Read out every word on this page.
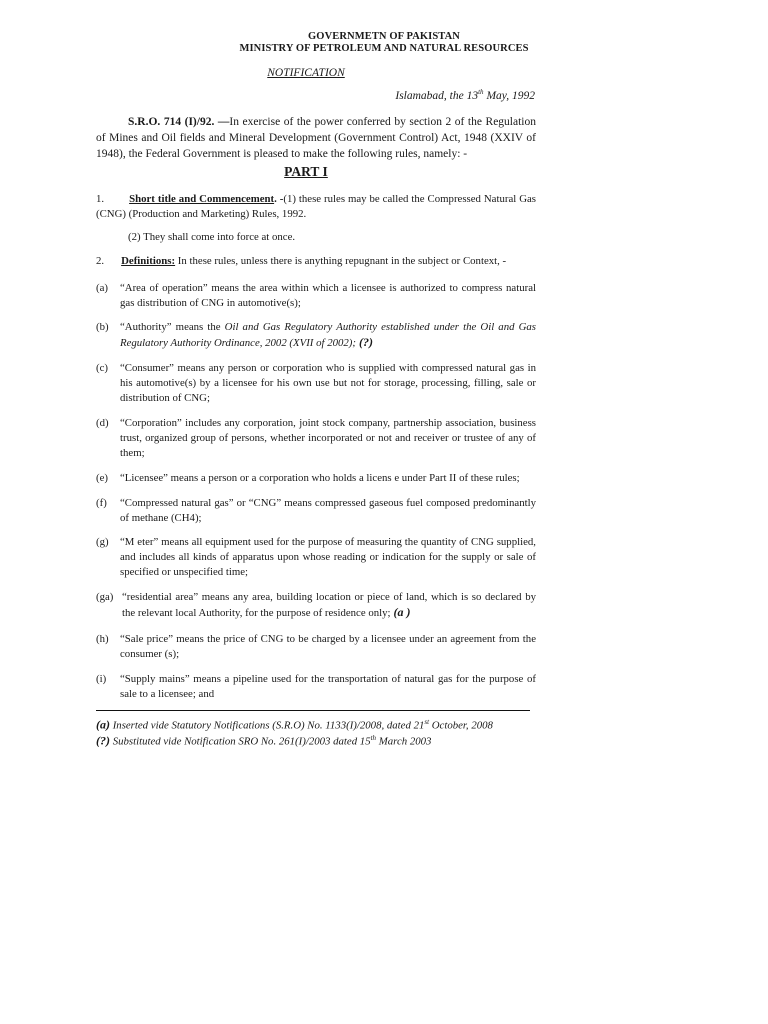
GOVERNMETN OF PAKISTAN
MINISTRY OF PETROLEUM AND NATURAL RESOURCES
NOTIFICATION
Islamabad, the 13th May, 1992
S.R.O. 714 (I)/92. —In exercise of the power conferred by section 2 of the Regulation of Mines and Oil fields and Mineral Development (Government Control) Act, 1948 (XXIV of 1948), the Federal Government is pleased to make the following rules, namely: -
PART I
1. Short title and Commencement. -(1) these rules may be called the Compressed Natural Gas (CNG) (Production and Marketing) Rules, 1992.
(2) They shall come into force at once.
2. Definitions: In these rules, unless there is anything repugnant in the subject or Context, -
(a) “Area of operation” means the area within which a licensee is authorized to compress natural gas distribution of CNG in automotive(s);
(b) “Authority” means the Oil and Gas Regulatory Authority established under the Oil and Gas Regulatory Authority Ordinance, 2002 (XVII of 2002); (?)
(c) “Consumer” means any person or corporation who is supplied with compressed natural gas in his automotive(s) by a licensee for his own use but not for storage, processing, filling, sale or distribution of CNG;
(d) “Corporation” includes any corporation, joint stock company, partnership association, business trust, organized group of persons, whether incorporated or not and receiver or trustee of any of them;
(e) “Licensee” means a person or a corporation who holds a licens e under Part II of these rules;
(f) “Compressed natural gas” or “CNG” means compressed gaseous fuel composed predominantly of methane (CH4);
(g) “M eter” means all equipment used for the purpose of measuring the quantity of CNG supplied, and includes all kinds of apparatus upon whose reading or indication for the supply or sale of specified or unspecified time;
(ga) “residential area” means any area, building location or piece of land, which is so declared by the relevant local Authority, for the purpose of residence only; (a )
(h) “Sale price” means the price of CNG to be charged by a licensee under an agreement from the consumer (s);
(i) “Supply mains” means a pipeline used for the transportation of natural gas for the purpose of sale to a licensee; and
(a) Inserted vide Statutory Notifications (S.R.O) No. 1133(I)/2008, dated 21st October, 2008
(?) Substituted vide Notification SRO No. 261(I)/2003 dated 15th March 2003
